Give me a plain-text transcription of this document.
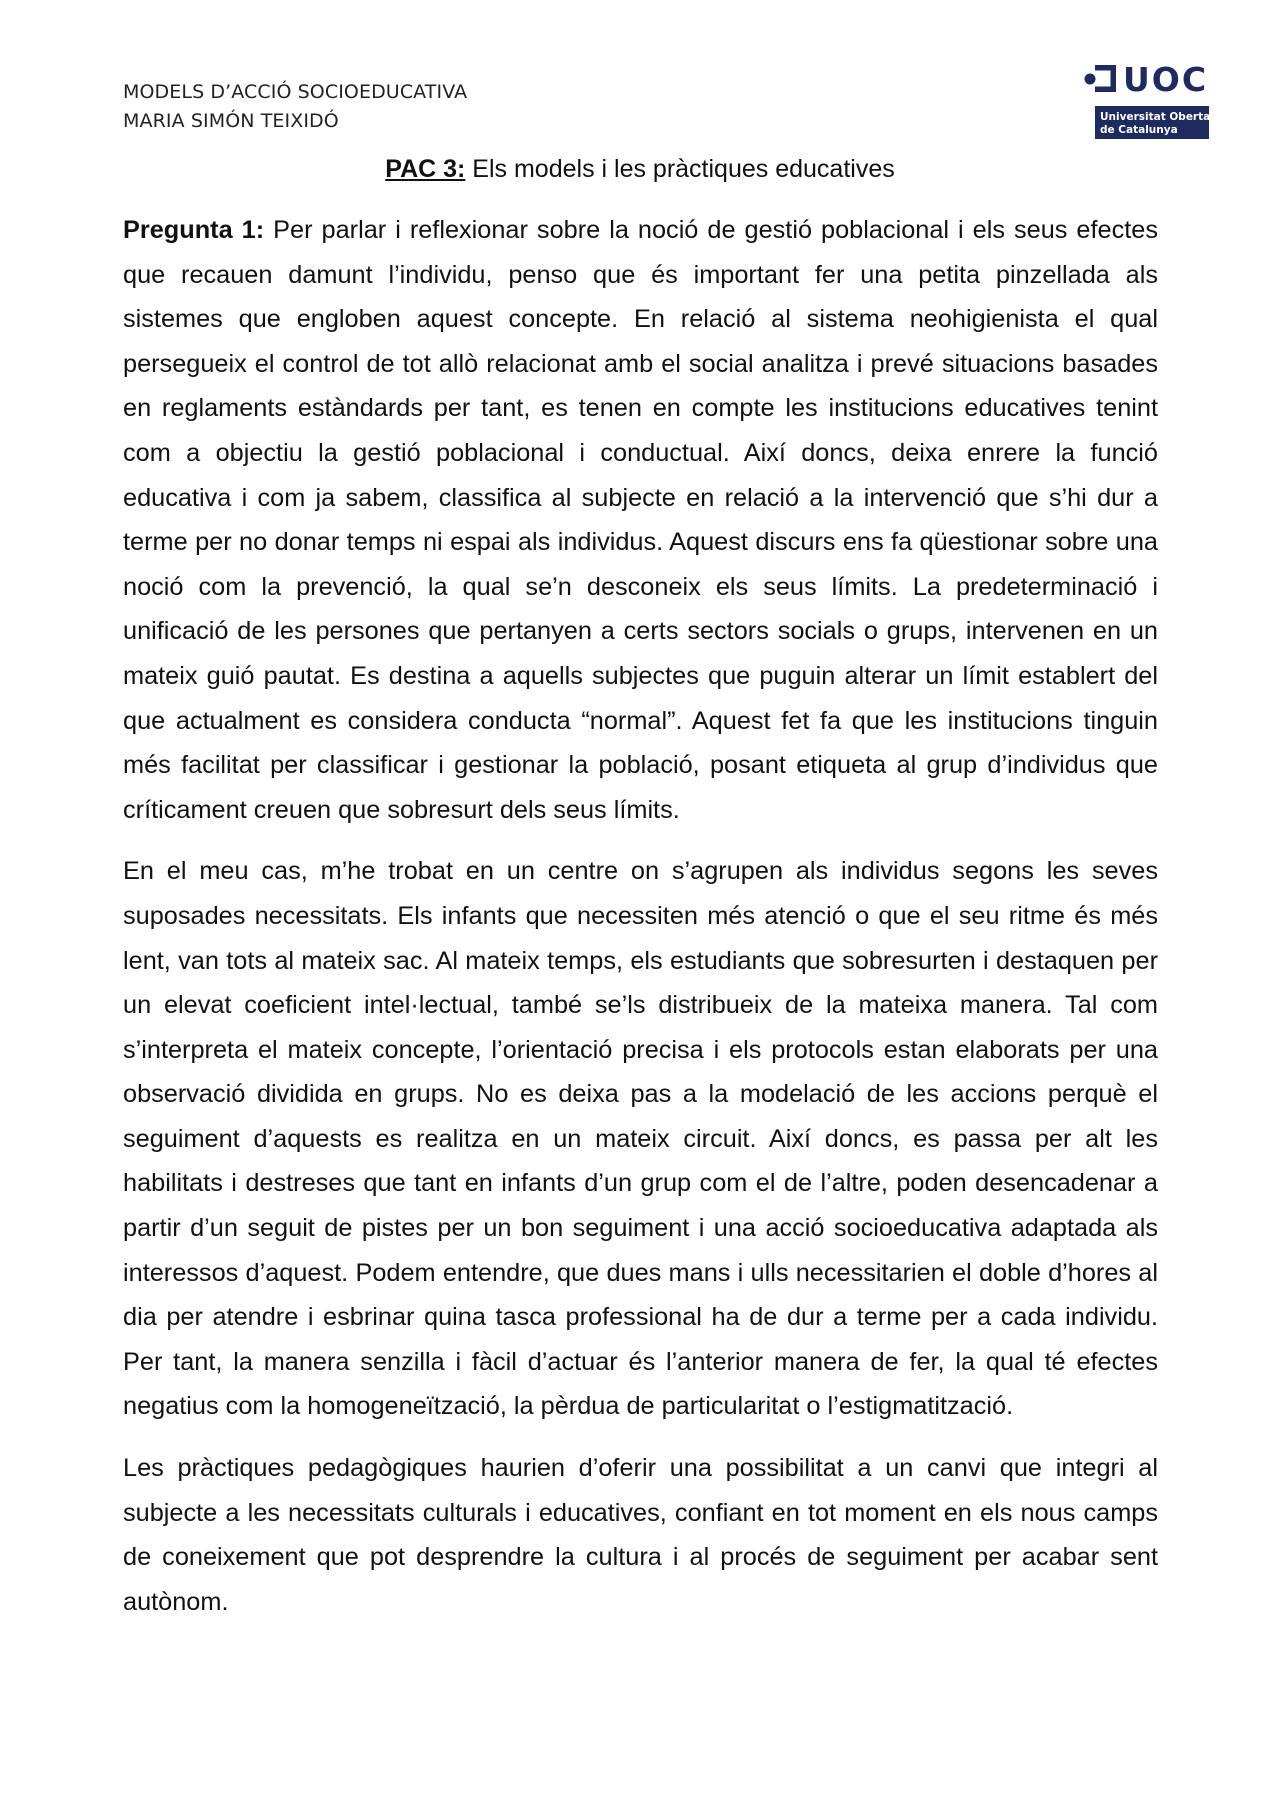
MODELS D’ACCIÓ SOCIOEDUCATIVA
MARIA SIMÓN TEIXIDÓ
UOC
Universitat Oberta
de Catalunya
PAC 3: Els models i les pràctiques educatives

Pregunta 1: Per parlar i reflexionar sobre la noció de gestió poblacional i els seus efectes que recauen damunt l’individu, penso que és important fer una petita pinzellada als sistemes que engloben aquest concepte. En relació al sistema neohigienista el qual persegueix el control de tot allò relacionat amb el social analitza i prevé situacions basades en reglaments estàndards per tant, es tenen en compte les institucions educatives tenint com a objectiu la gestió poblacional i conductual. Així doncs, deixa enrere la funció educativa i com ja sabem, classifica al subjecte en relació a la intervenció que s’hi dur a terme per no donar temps ni espai als individus. Aquest discurs ens fa qüestionar sobre una noció com la prevenció, la qual se’n desconeix els seus límits. La predeterminació i unificació de les persones que pertanyen a certs sectors socials o grups, intervenen en un mateix guió pautat. Es destina a aquells subjectes que puguin alterar un límit establert del que actualment es considera conducta “normal”. Aquest fet fa que les institucions tinguin més facilitat per classificar i gestionar la població, posant etiqueta al grup d’individus que críticament creuen que sobresurt dels seus límits.

En el meu cas, m’he trobat en un centre on s’agrupen als individus segons les seves suposades necessitats. Els infants que necessiten més atenció o que el seu ritme és més lent, van tots al mateix sac. Al mateix temps, els estudiants que sobresurten i destaquen per un elevat coeficient intel·lectual, també se’ls distribueix de la mateixa manera. Tal com s’interpreta el mateix concepte, l’orientació precisa i els protocols estan elaborats per una observació dividida en grups. No es deixa pas a la modelació de les accions perquè el seguiment d’aquests es realitza en un mateix circuit. Així doncs, es passa per alt les habilitats i destreses que tant en infants d’un grup com el de l’altre, poden desencadenar a partir d’un seguit de pistes per un bon seguiment i una acció socioeducativa adaptada als interessos d’aquest. Podem entendre, que dues mans i ulls necessitarien el doble d’hores al dia per atendre i esbrinar quina tasca professional ha de dur a terme per a cada individu. Per tant, la manera senzilla i fàcil d’actuar és l’anterior manera de fer, la qual té efectes negatius com la homogeneïtzació, la pèrdua de particularitat o l’estigmatització.

Les pràctiques pedagògiques haurien d’oferir una possibilitat a un canvi que integri al subjecte a les necessitats culturals i educatives, confiant en tot moment en els nous camps de coneixement que pot desprendre la cultura i al procés de seguiment per acabar sent autònom.
